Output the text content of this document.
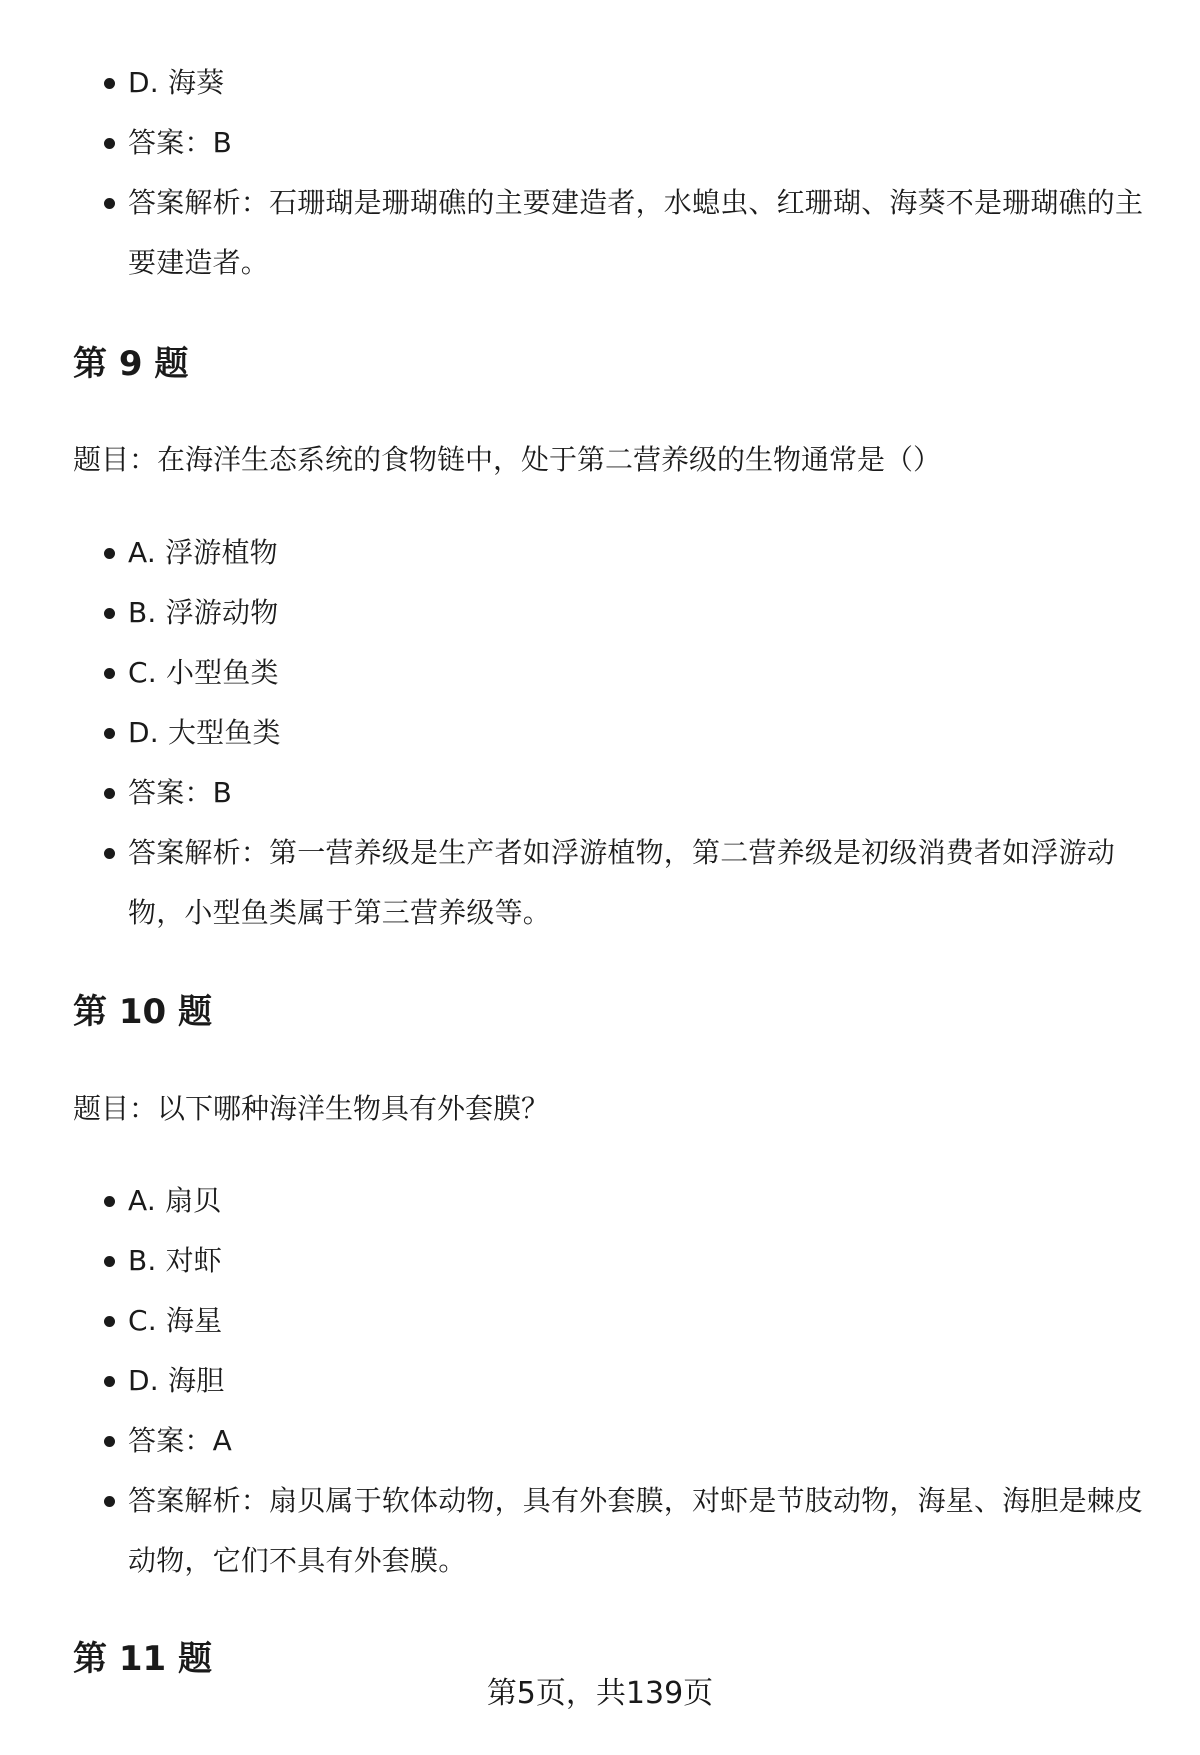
D. 海葵
答案：B
答案解析：石珊瑚是珊瑚礁的主要建造者，水螅虫、红珊瑚、海葵不是珊瑚礁的主要建造者。
第 9 题
题目：在海洋生态系统的食物链中，处于第二营养级的生物通常是（）
A. 浮游植物
B. 浮游动物
C. 小型鱼类
D. 大型鱼类
答案：B
答案解析：第一营养级是生产者如浮游植物，第二营养级是初级消费者如浮游动物，小型鱼类属于第三营养级等。
第 10 题
题目：以下哪种海洋生物具有外套膜？
A. 扇贝
B. 对虾
C. 海星
D. 海胆
答案：A
答案解析：扇贝属于软体动物，具有外套膜，对虾是节肢动物，海星、海胆是棘皮动物，它们不具有外套膜。
第 11 题
第5页，共139页
